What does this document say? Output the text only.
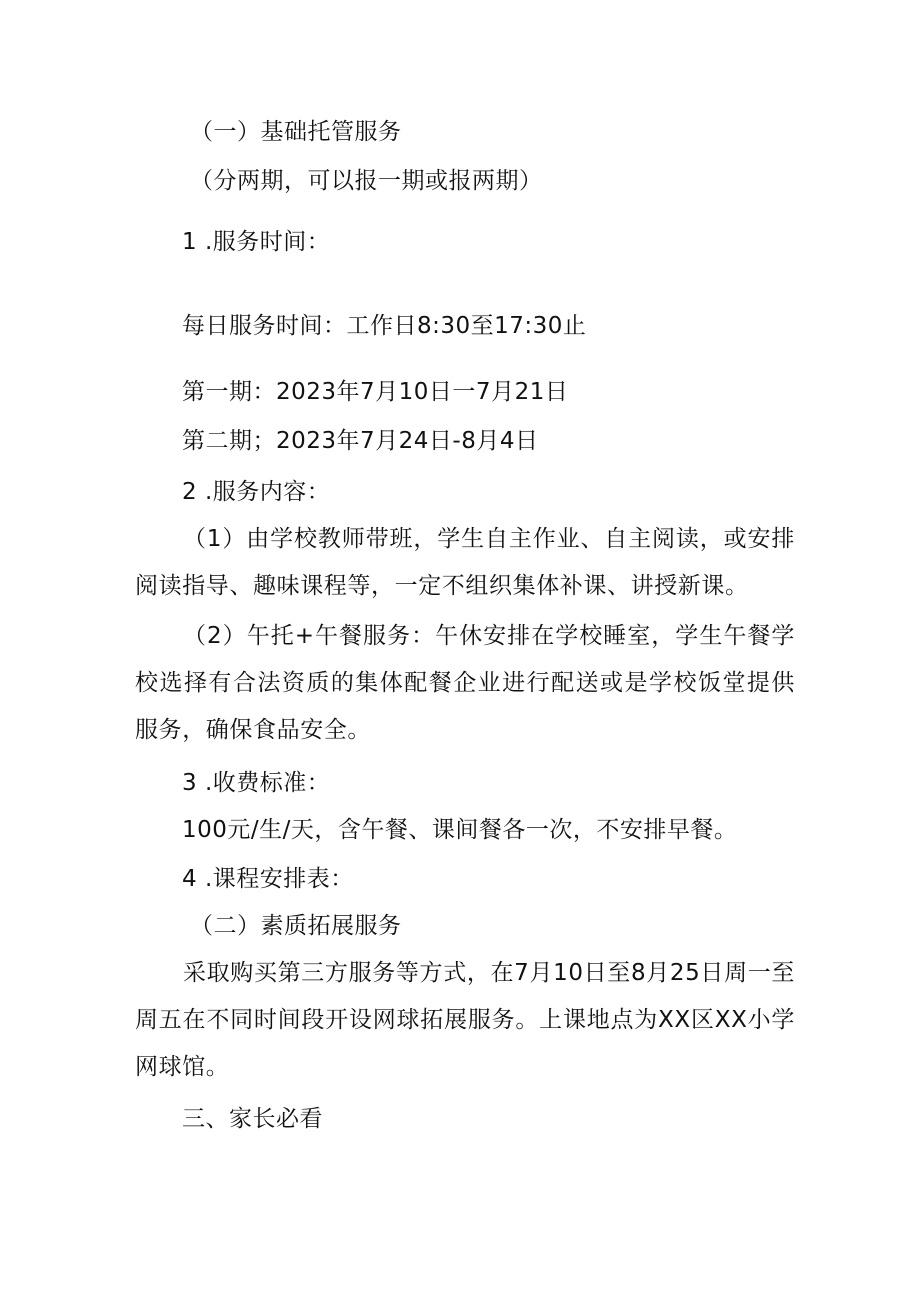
（一）基础托管服务
（分两期，可以报一期或报两期）
1 .服务时间：
每日服务时间：工作日8:30至17:30止
第一期：2023年7月10日一7月21日
第二期；2023年7月24日-8月4日
2 .服务内容：
（1）由学校教师带班，学生自主作业、自主阅读，或安排阅读指导、趣味课程等，一定不组织集体补课、讲授新课。
（2）午托+午餐服务：午休安排在学校睡室，学生午餐学校选择有合法资质的集体配餐企业进行配送或是学校饭堂提供服务，确保食品安全。
3 .收费标准：
100元/生/天，含午餐、课间餐各一次，不安排早餐。
4 .课程安排表：
（二）素质拓展服务
采取购买第三方服务等方式，在7月10日至8月25日周一至周五在不同时间段开设网球拓展服务。上课地点为XX区XX小学网球馆。
三、家长必看
